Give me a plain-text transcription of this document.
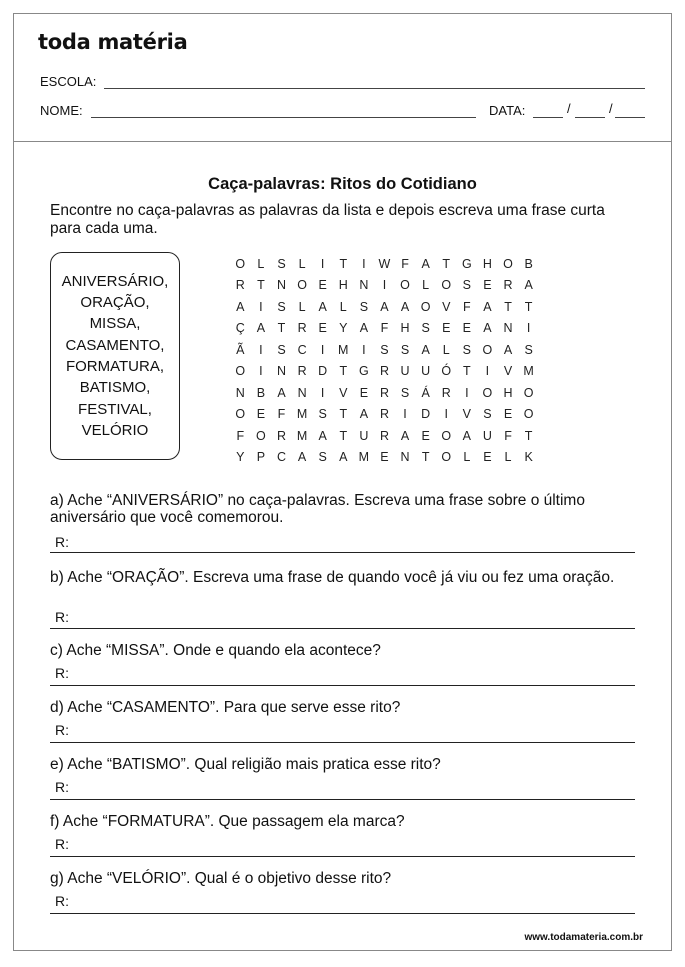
toda matéria
ESCOLA:
NOME:	DATA:	/	/
Caça-palavras: Ritos do Cotidiano
Encontre no caça-palavras as palavras da lista e depois escreva uma frase curta para cada uma.
ANIVERSÁRIO,
ORAÇÃO,
MISSA,
CASAMENTO,
FORMATURA,
BATISMO,
FESTIVAL,
VELÓRIO
O L	S	L	I	T	I	W F	A	T G H O B
R T N O E H N	I	O L O S E R A
A	I	S	L	A	L	S A A O V	F	A	T	T
Ç A	T R E Y A	F H S E E A N	I
Ã	I	S C	I	M	I	S S A	L	S O A S
O	I	N R D T G R U U Ó T	I	V M
N B A N	I	V E R S Á R	I	O H O
O E	F M S	T	A R	I	D	I	V S E O
F O R M A	T U R A E O A U F	T
Y P C A S A M E N T O L	E	L	K
a) Ache “ANIVERSÁRIO” no caça-palavras. Escreva uma frase sobre o último aniversário que você comemorou.
R:
b) Ache “ORAÇÃO”. Escreva uma frase de quando você já viu ou fez uma oração.
R:
c) Ache “MISSA”. Onde e quando ela acontece?
R:
d) Ache “CASAMENTO”. Para que serve esse rito?
R:
e) Ache “BATISMO”. Qual religião mais pratica esse rito?
R:
f) Ache “FORMATURA”. Que passagem ela marca?
R:
g) Ache “VELÓRIO”. Qual é o objetivo desse rito?
R:
www.todamateria.com.br
